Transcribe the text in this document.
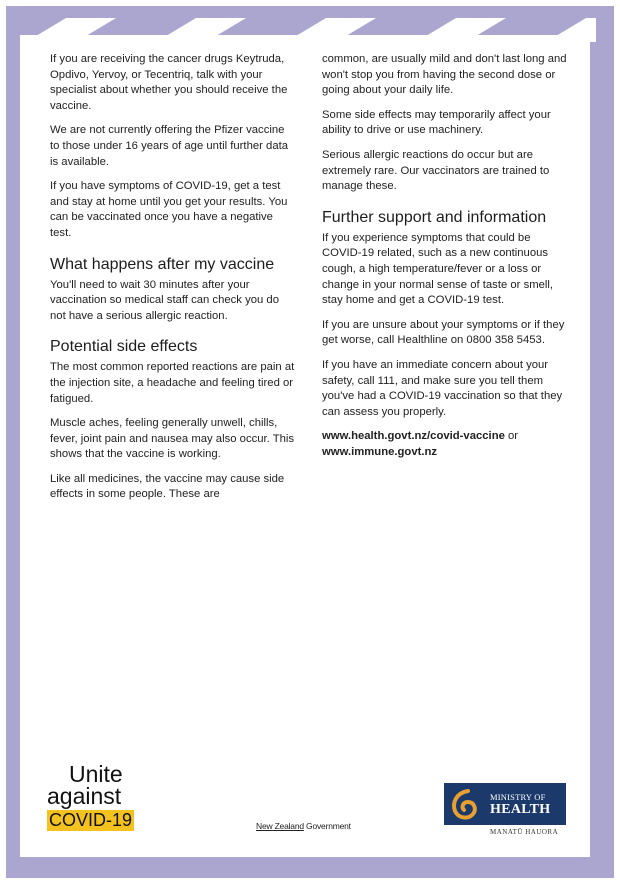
If you are receiving the cancer drugs Keytruda, Opdivo, Yervoy, or Tecentriq, talk with your specialist about whether you should receive the vaccine.

We are not currently offering the Pfizer vaccine to those under 16 years of age until further data is available.

If you have symptoms of COVID-19, get a test and stay at home until you get your results. You can be vaccinated once you have a negative test.

What happens after my vaccine

You'll need to wait 30 minutes after your vaccination so medical staff can check you do not have a serious allergic reaction.

Potential side effects

The most common reported reactions are pain at the injection site, a headache and feeling tired or fatigued.

Muscle aches, feeling generally unwell, chills, fever, joint pain and nausea may also occur. This shows that the vaccine is working.

Like all medicines, the vaccine may cause side effects in some people. These are

common, are usually mild and don't last long and won't stop you from having the second dose or going about your daily life.

Some side effects may temporarily affect your ability to drive or use machinery.

Serious allergic reactions do occur but are extremely rare. Our vaccinators are trained to manage these.

Further support and information

If you experience symptoms that could be COVID-19 related, such as a new continuous cough, a high temperature/fever or a loss or change in your normal sense of taste or smell, stay home and get a COVID-19 test.

If you are unsure about your symptoms or if they get worse, call Healthline on 0800 358 5453.

If you have an immediate concern about your safety, call 111, and make sure you tell them you've had a COVID-19 vaccination so that they can assess you properly.

www.health.govt.nz/covid-vaccine or
www.immune.govt.nz

Unite
against
COVID-19	New Zealand Government
MINISTRY OF
HEALTH
MANATŪ HAUORA
